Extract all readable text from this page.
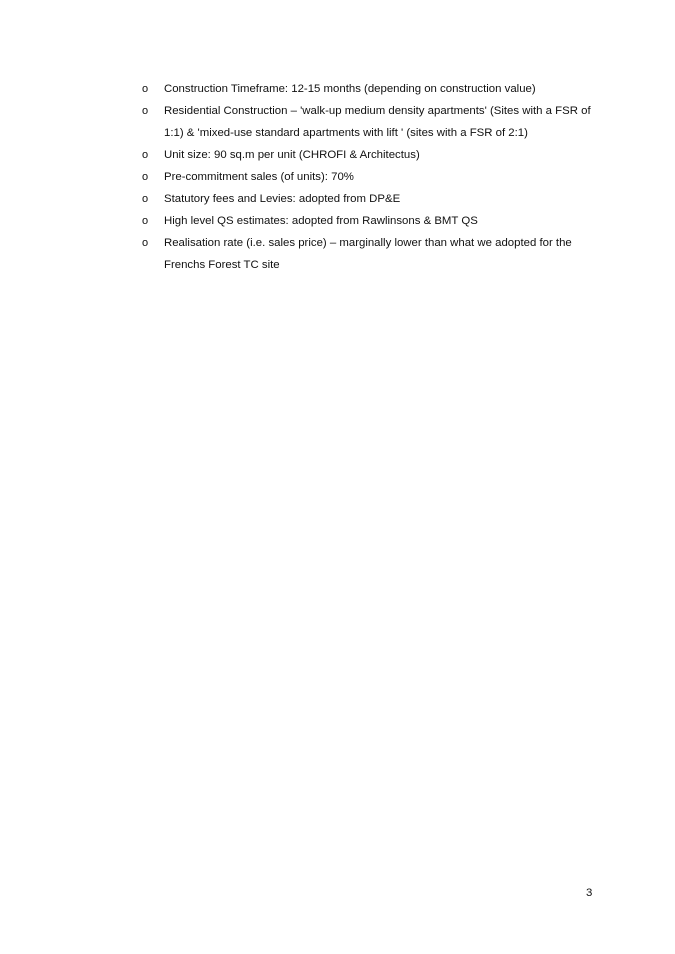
o Construction Timeframe: 12-15 months (depending on construction value)
o Residential Construction – 'walk-up medium density apartments' (Sites with a FSR of 1:1) & 'mixed-use standard apartments with lift ' (sites with a FSR of 2:1)
o Unit size: 90 sq.m per unit (CHROFI & Architectus)
o Pre-commitment sales (of units): 70%
o Statutory fees and Levies: adopted from DP&E
o High level QS estimates: adopted from Rawlinsons & BMT QS
o Realisation rate (i.e. sales price) – marginally lower than what we adopted for the Frenchs Forest TC site
3
